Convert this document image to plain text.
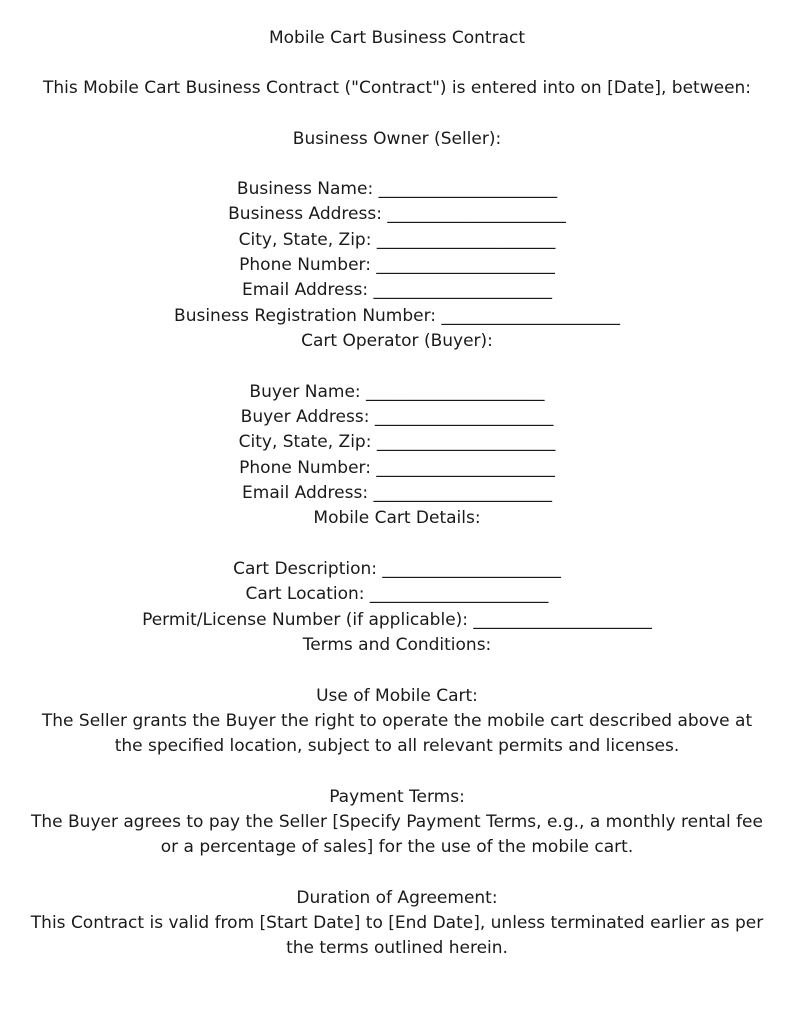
Mobile Cart Business Contract
This Mobile Cart Business Contract ("Contract") is entered into on [Date], between:
Business Owner (Seller):
Business Name: _____________________
Business Address: _____________________
City, State, Zip: _____________________
Phone Number: _____________________
Email Address: _____________________
Business Registration Number: _____________________
Cart Operator (Buyer):
Buyer Name: _____________________
Buyer Address: _____________________
City, State, Zip: _____________________
Phone Number: _____________________
Email Address: _____________________
Mobile Cart Details:
Cart Description: _____________________
Cart Location: _____________________
Permit/License Number (if applicable): _____________________
Terms and Conditions:
Use of Mobile Cart:
The Seller grants the Buyer the right to operate the mobile cart described above at the specified location, subject to all relevant permits and licenses.
Payment Terms:
The Buyer agrees to pay the Seller [Specify Payment Terms, e.g., a monthly rental fee or a percentage of sales] for the use of the mobile cart.
Duration of Agreement:
This Contract is valid from [Start Date] to [End Date], unless terminated earlier as per the terms outlined herein.
